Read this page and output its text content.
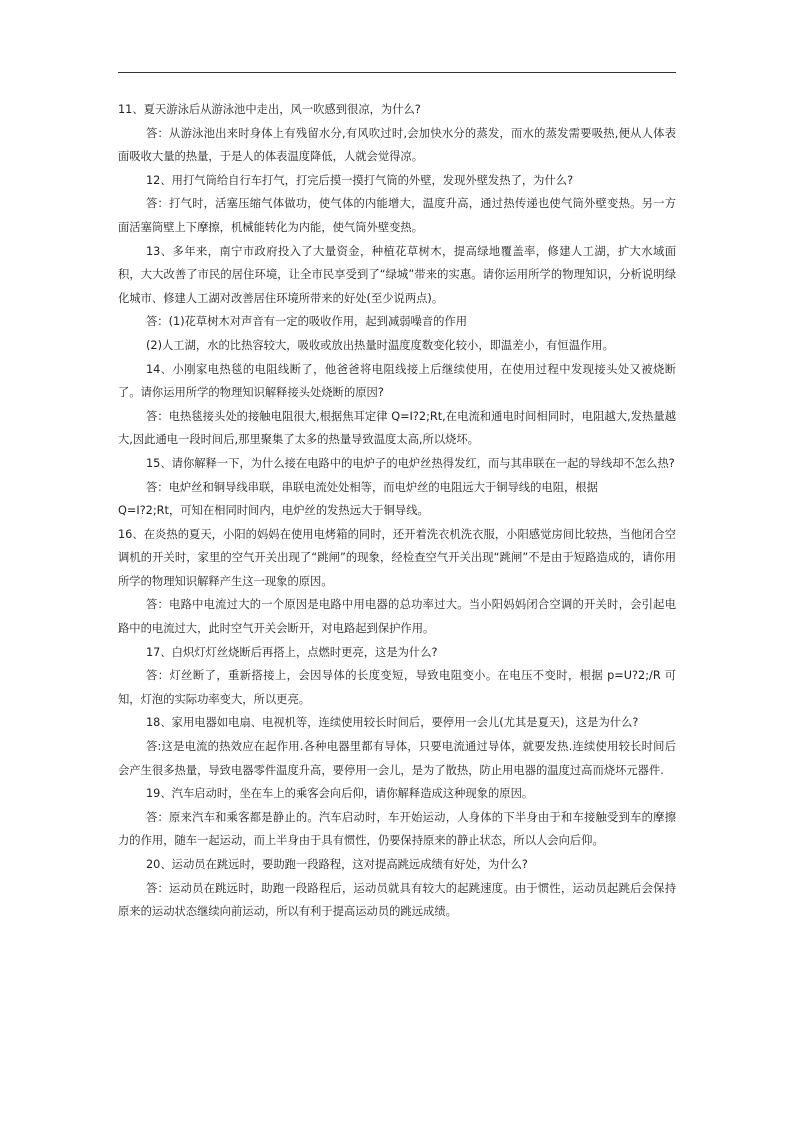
11、夏天游泳后从游泳池中走出，风一吹感到很凉，为什么?

答：从游泳池出来时身体上有残留水分,有风吹过时,会加快水分的蒸发，而水的蒸发需要吸热,便从人体表面吸收大量的热量，于是人的体表温度降低，人就会觉得凉。

12、用打气筒给自行车打气，打完后摸一摸打气筒的外壁，发现外壁发热了，为什么?

答：打气时，活塞压缩气体做功，使气体的内能增大，温度升高，通过热传递也使气筒外壁变热。另一方面活塞筒壁上下摩擦，机械能转化为内能，使气筒外壁变热。

13、多年来，南宁市政府投入了大量资金，种植花草树木，提高绿地覆盖率，修建人工湖，扩大水域面积，大大改善了市民的居住环境，让全市民享受到了“绿城”带来的实惠。请你运用所学的物理知识，分析说明绿化城市、修建人工湖对改善居住环境所带来的好处(至少说两点)。

答：(1)花草树木对声音有一定的吸收作用，起到减弱噪音的作用

(2)人工湖，水的比热容较大，吸收或放出热量时温度度数变化较小，即温差小，有恒温作用。

14、小刚家电热毯的电阻线断了，他爸爸将电阻线接上后继续使用，在使用过程中发现接头处又被烧断了。请你运用所学的物理知识解释接头处烧断的原因?

答：电热毯接头处的接触电阻很大,根据焦耳定律 Q=I?2;Rt,在电流和通电时间相同时，电阻越大,发热量越大,因此通电一段时间后,那里聚集了太多的热量导致温度太高,所以烧坏。

15、请你解释一下，为什么接在电路中的电炉子的电炉丝热得发红，而与其串联在一起的导线却不怎么热?

答：电炉丝和铜导线串联，串联电流处处相等，而电炉丝的电阻远大于铜导线的电阻，根据

Q=I?2;Rt，可知在相同时间内，电炉丝的发热远大于铜导线。

16、在炎热的夏天，小阳的妈妈在使用电烤箱的同时，还开着洗衣机洗衣服，小阳感觉房间比较热，当他闭合空调机的开关时，家里的空气开关出现了“跳闸”的现象，经检查空气开关出现“跳闸”不是由于短路造成的，请你用所学的物理知识解释产生这一现象的原因。

答：电路中电流过大的一个原因是电路中用电器的总功率过大。当小阳妈妈闭合空调的开关时，会引起电路中的电流过大，此时空气开关会断开，对电路起到保护作用。

17、白炽灯灯丝烧断后再搭上，点燃时更亮，这是为什么?

答：灯丝断了，重新搭接上，会因导体的长度变短，导致电阻变小。在电压不变时，根据 p=U?2;/R 可知，灯泡的实际功率变大，所以更亮。

18、家用电器如电扇、电视机等，连续使用较长时间后，要停用一会儿(尤其是夏天)，这是为什么?

答:这是电流的热效应在起作用.各种电器里都有导体，只要电流通过导体，就要发热.连续使用较长时间后会产生很多热量，导致电器零件温度升高，要停用一会儿，是为了散热，防止用电器的温度过高而烧坏元器件.

19、汽车启动时，坐在车上的乘客会向后仰，请你解释造成这种现象的原因。

答：原来汽车和乘客都是静止的。汽车启动时，车开始运动，人身体的下半身由于和车接触受到车的摩擦力的作用，随车一起运动，而上半身由于具有惯性，仍要保持原来的静止状态，所以人会向后仰。

20、运动员在跳远时，要助跑一段路程，这对提高跳远成绩有好处，为什么?

答：运动员在跳远时，助跑一段路程后，运动员就具有较大的起跳速度。由于惯性，运动员起跳后会保持原来的运动状态继续向前运动，所以有利于提高运动员的跳远成绩。
